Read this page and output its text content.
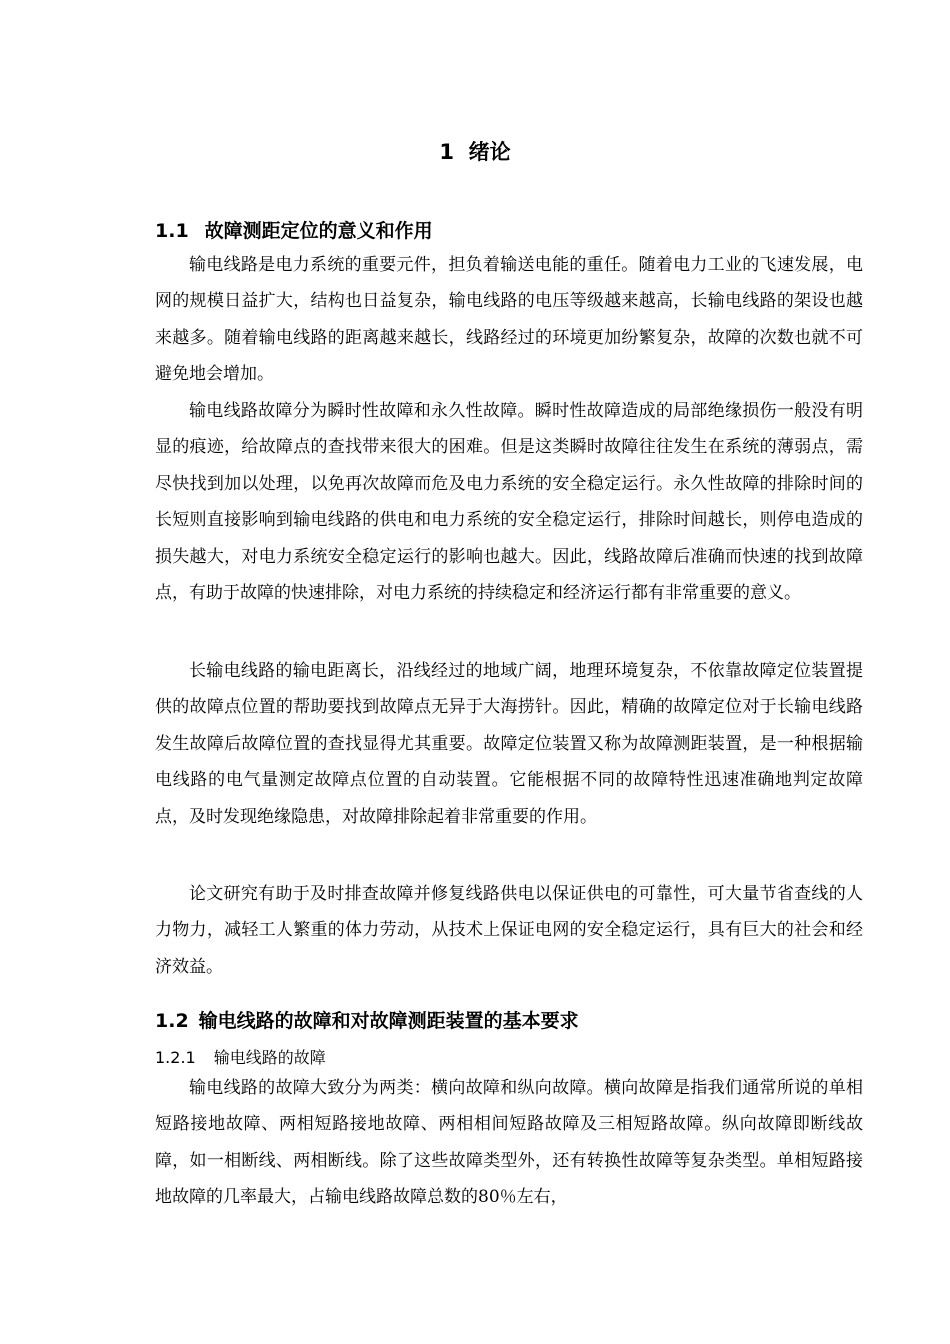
1 绪论
1.1 故障测距定位的意义和作用

输电线路是电力系统的重要元件，担负着输送电能的重任。随着电力工业的飞速发展，电网的规模日益扩大，结构也日益复杂，输电线路的电压等级越来越高，长输电线路的架设也越来越多。随着输电线路的距离越来越长，线路经过的环境更加纷繁复杂，故障的次数也就不可避免地会增加。

输电线路故障分为瞬时性故障和永久性故障。瞬时性故障造成的局部绝缘损伤一般没有明显的痕迹，给故障点的查找带来很大的困难。但是这类瞬时故障往往发生在系统的薄弱点，需尽快找到加以处理，以免再次故障而危及电力系统的安全稳定运行。永久性故障的排除时间的长短则直接影响到输电线路的供电和电力系统的安全稳定运行，排除时间越长，则停电造成的损失越大，对电力系统安全稳定运行的影响也越大。因此，线路故障后准确而快速的找到故障点，有助于故障的快速排除，对电力系统的持续稳定和经济运行都有非常重要的意义。

长输电线路的输电距离长，沿线经过的地域广阔，地理环境复杂，不依靠故障定位装置提供的故障点位置的帮助要找到故障点无异于大海捞针。因此，精确的故障定位对于长输电线路发生故障后故障位置的查找显得尤其重要。故障定位装置又称为故障测距装置，是一种根据输电线路的电气量测定故障点位置的自动装置。它能根据不同的故障特性迅速准确地判定故障点，及时发现绝缘隐患，对故障排除起着非常重要的作用。

论文研究有助于及时排查故障并修复线路供电以保证供电的可靠性，可大量节省查线的人力物力，减轻工人繁重的体力劳动，从技术上保证电网的安全稳定运行，具有巨大的社会和经济效益。

1.2 输电线路的故障和对故障测距装置的基本要求
1.2.1 输电线路的故障

输电线路的故障大致分为两类：横向故障和纵向故障。横向故障是指我们通常所说的单相短路接地故障、两相短路接地故障、两相相间短路故障及三相短路故障。纵向故障即断线故障，如一相断线、两相断线。除了这些故障类型外，还有转换性故障等复杂类型。单相短路接地故障的几率最大，占输电线路故障总数的80％左右，
